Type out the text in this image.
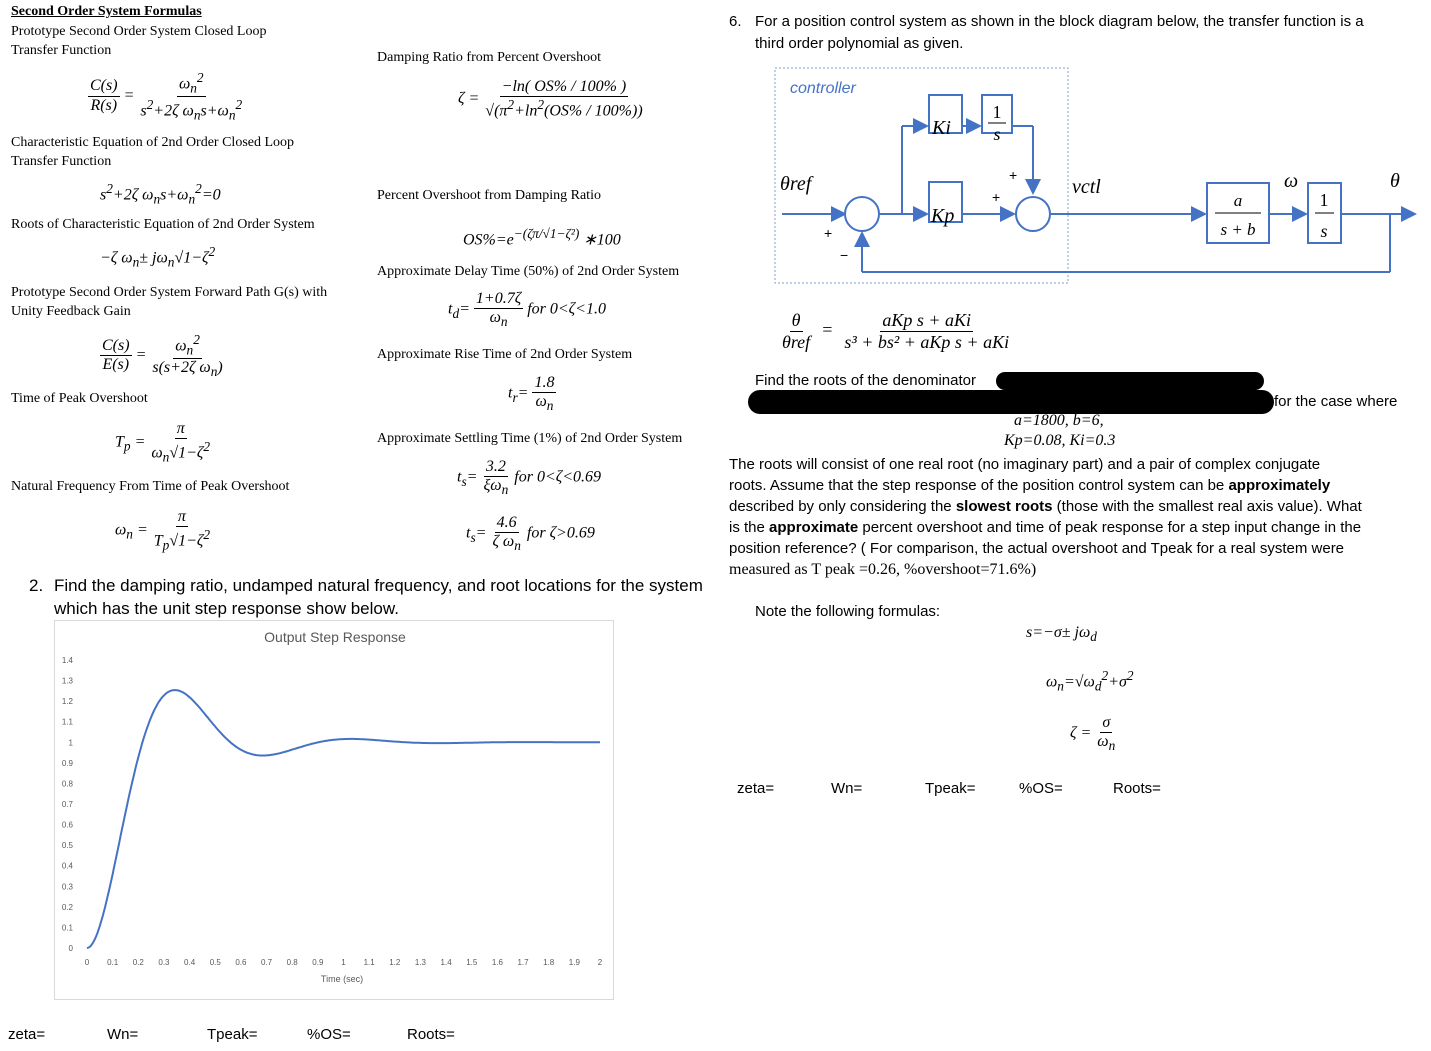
Second Order System Formulas
Prototype Second Order System Closed Loop Transfer Function
$\frac{C(s)}{R(s)} = \frac{\omega_n^2}{s^2+2\zeta \omega_ns+\omega_n^2}$
Characteristic Equation of 2nd Order Closed Loop Transfer Function
$s^2+2\zeta$ $\omega_ns+\omega_n^2=0$
Roots of Characteristic Equation of 2nd Order System
−ζ $\omega_n\pm j\omega_n√1-\zeta^2$
Prototype Second Order System Forward Path G(s) with Unity Feedback Gain
$\frac{C(s)}{E(s)} = \frac{\omega_n^2}{s(s+2\zeta \omega_n)}$
Time of Peak Overshoot
$T_p = \frac{\pi}{\omega_n√1-\zeta^2}$
Natural Frequency From Time of Peak Overshoot
$\omega_n = \frac{\pi}{T_p√1-\zeta^2}$
Damping Ratio from Percent Overshoot
$\zeta = \frac{-\ln( OS\% / 100\% )}{√(\pi^2+\ln^2(OS\% / 100\%))}$
Percent Overshoot from Damping Ratio
$OS\%=e^{-(\zeta\pi/√1-\zeta^2)}$ ∗100
Approximate Delay Time (50%) of 2nd Order System
$t_d= \frac{1+0.7\zeta}{\omega_n}$ for 0<ζ<1.0
Approximate Rise Time of 2nd Order System
$t_r= \frac{1.8}{\omega_n}$
Approximate Settling Time (1%) of 2nd Order System
$t_s= \frac{3.2}{\xi\omega_n}$ for 0<ζ<0.69
$t_s= \frac{4.6}{\zeta \omega_n}$ for ζ>0.69
2. Find the damping ratio, undamped natural frequency, and root locations for the system
which has the unit step response show below.
Output Step Response
0
0.1
0.2
0.3
0.4
0.5
0.6
0.7
0.8
0.9
1
1.1
1.2
1.3
1.4
0 0.1 0.2 0.3 0.4 0.5 0.6 0.7 0.8 0.9 1 1.1 1.2 1.3 1.4 1.5 1.6 1.7 1.8 1.9 2
Time (sec)
zeta=	Wn=	Tpeak=	%OS=	Roots=
6. For a position control system as shown in the block diagram below, the transfer function is a
third order polynomial as given.
controller
θref
+
−
Ki
1
s
+
Kp
+	vctl
a
s + b
ω
1
s
θ
$\frac{\theta}{\text{θref}} = \frac{\text{aKp s + aKi}}{\text{s³ + bs² + aKp s + aKi}}$
Find the roots of the denominator
for the case where
a=1800, b=6,
Kp=0.08, Ki=0.3
The roots will consist of one real root (no imaginary part) and a pair of complex conjugate
roots. Assume that the step response of the position control system can be approximately
described by only considering the slowest roots (those with the smallest real axis value). What
is the approximate percent overshoot and time of peak response for a step input change in the
position reference? ( For comparison, the actual overshoot and Tpeak for a real system were
measured as T peak =0.26, %overshoot=71.6%)
Note the following formulas:
$s=-\sigma\pm j\omega_d$
$\omega_n=√\omega_d^2+\sigma^2$
$\zeta = \frac{\sigma}{\omega_n}$
zeta=	Wn=	Tpeak=	%OS=	Roots=
